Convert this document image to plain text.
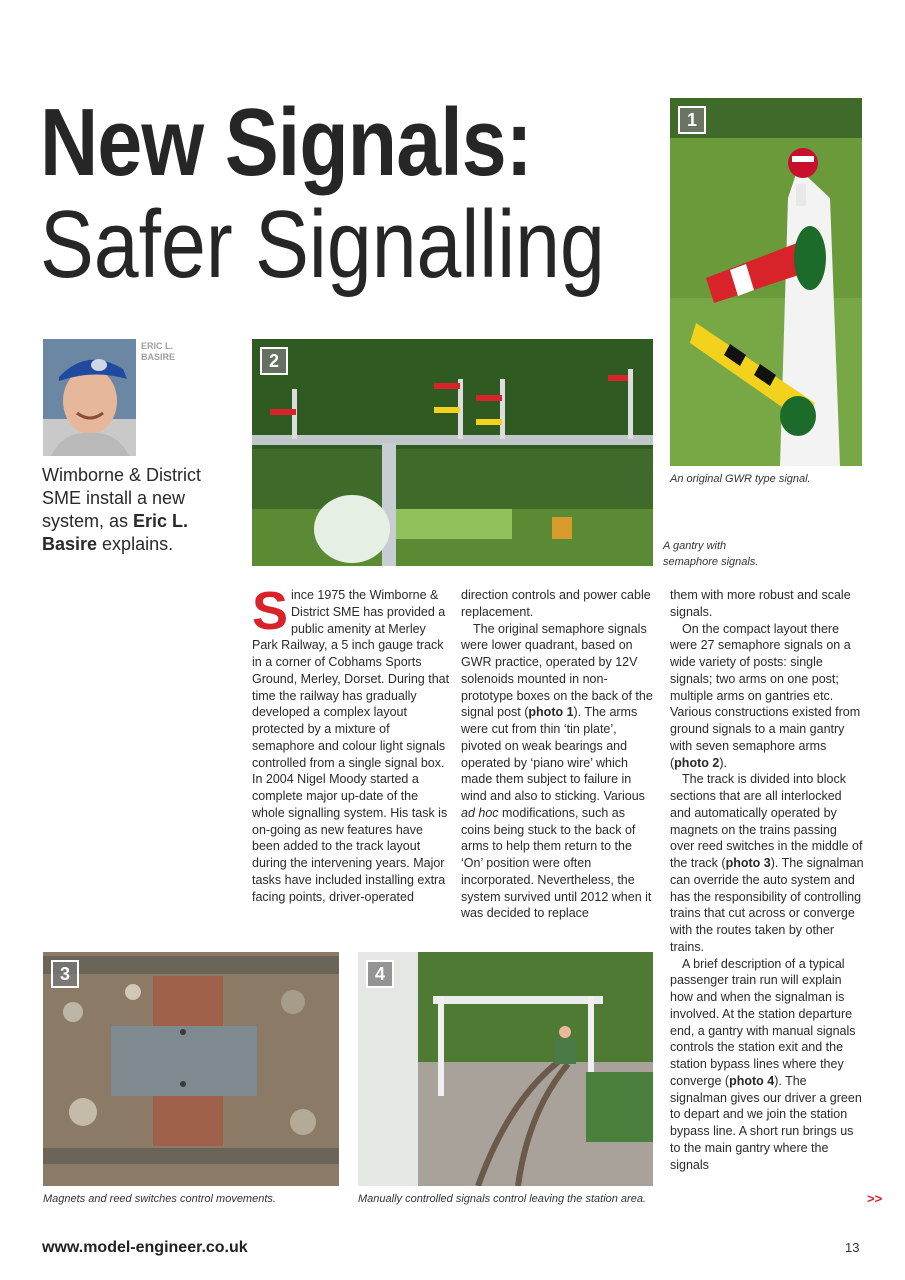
New Signals:
Safer Signalling
ERIC L.
BASIRE
Wimborne & District SME install a new system, as Eric L. Basire explains.
1
An original GWR type signal.
2
A gantry with semaphore signals.

Since 1975 the Wimborne & District SME has provided a public amenity at Merley Park Railway, a 5 inch gauge track in a corner of Cobhams Sports Ground, Merley, Dorset. During that time the railway has gradually developed a complex layout protected by a mixture of semaphore and colour light signals controlled from a single signal box. In 2004 Nigel Moody started a complete major up-date of the whole signalling system. His task is on-going as new features have been added to the track layout during the intervening years. Major tasks have included installing extra facing points, driver-operated

direction controls and power cable replacement.

The original semaphore signals were lower quadrant, based on GWR practice, operated by 12V solenoids mounted in non-prototype boxes on the back of the signal post (photo 1). The arms were cut from thin ‘tin plate’, pivoted on weak bearings and operated by ‘piano wire’ which made them subject to failure in wind and also to sticking. Various ad hoc modifications, such as coins being stuck to the back of arms to help them return to the ‘On’ position were often incorporated. Nevertheless, the system survived until 2012 when it was decided to replace

them with more robust and scale signals.

On the compact layout there were 27 semaphore signals on a wide variety of posts: single signals; two arms on one post; multiple arms on gantries etc. Various constructions existed from ground signals to a main gantry with seven semaphore arms (photo 2).

The track is divided into block sections that are all interlocked and automatically operated by magnets on the trains passing over reed switches in the middle of the track (photo 3). The signalman can override the auto system and has the responsibility of controlling trains that cut across or converge with the routes taken by other trains.

A brief description of a typical passenger train run will explain how and when the signalman is involved. At the station departure end, a gantry with manual signals controls the station exit and the station bypass lines where they converge (photo 4). The signalman gives our driver a green to depart and we join the station bypass line. A short run brings us to the main gantry where the signals

>>
3
Magnets and reed switches control movements.
4
Manually controlled signals control leaving the station area.
www.model-engineer.co.uk	13
